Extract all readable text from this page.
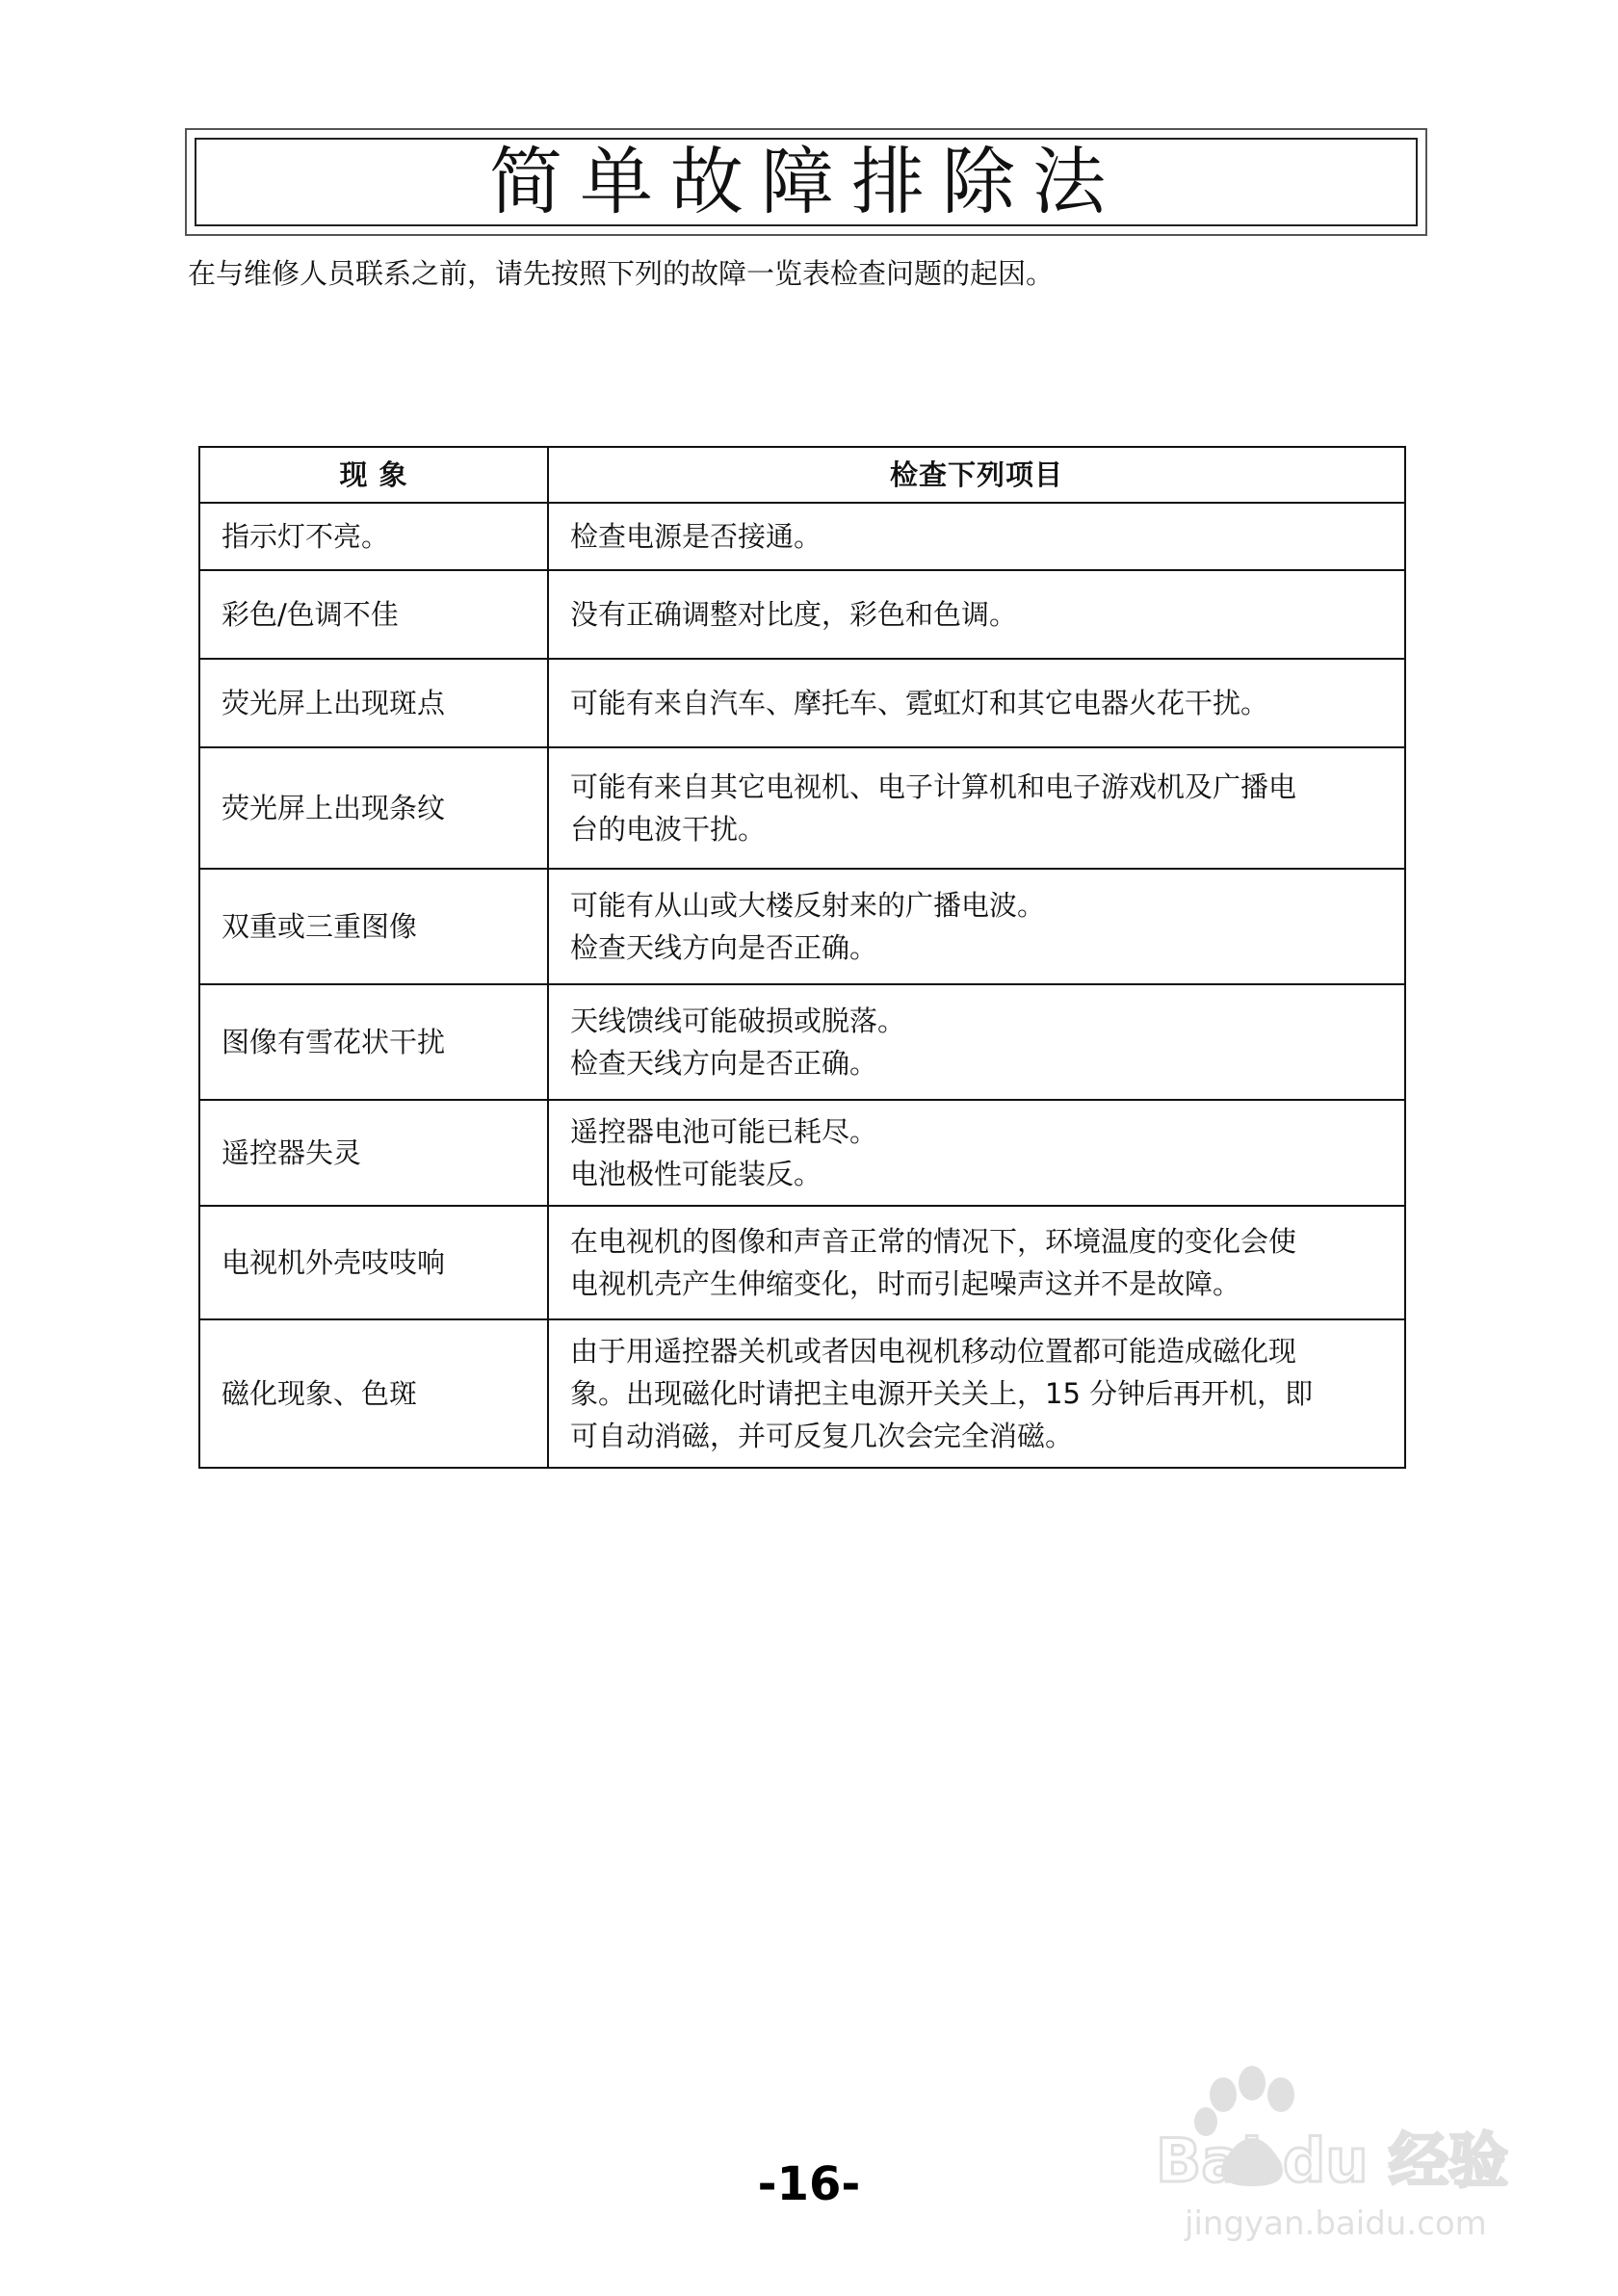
简单故障排除法
在与维修人员联系之前，请先按照下列的故障一览表检查问题的起因。
现 象	检查下列项目
指示灯不亮。	检查电源是否接通。

彩色/色调不佳	没有正确调整对比度，彩色和色调。

荧光屏上出现斑点	可能有来自汽车、摩托车、霓虹灯和其它电器火花干扰。

荧光屏上出现条纹	可能有来自其它电视机、电子计算机和电子游戏机及广播电
台的电波干扰。

双重或三重图像	可能有从山或大楼反射来的广播电波。
检查天线方向是否正确。

图像有雪花状干扰	天线馈线可能破损或脱落。
检查天线方向是否正确。

遥控器失灵	遥控器电池可能已耗尽。
电池极性可能装反。

电视机外壳吱吱响	在电视机的图像和声音正常的情况下，环境温度的变化会使
电视机壳产生伸缩变化，时而引起噪声这并不是故障。

磁化现象、色斑	由于用遥控器关机或者因电视机移动位置都可能造成磁化现
象。出现磁化时请把主电源开关关上，15 分钟后再开机，即
可自动消磁，并可反复几次会完全消磁。
-16-	Bai du 经验
jingyan.baidu.com
